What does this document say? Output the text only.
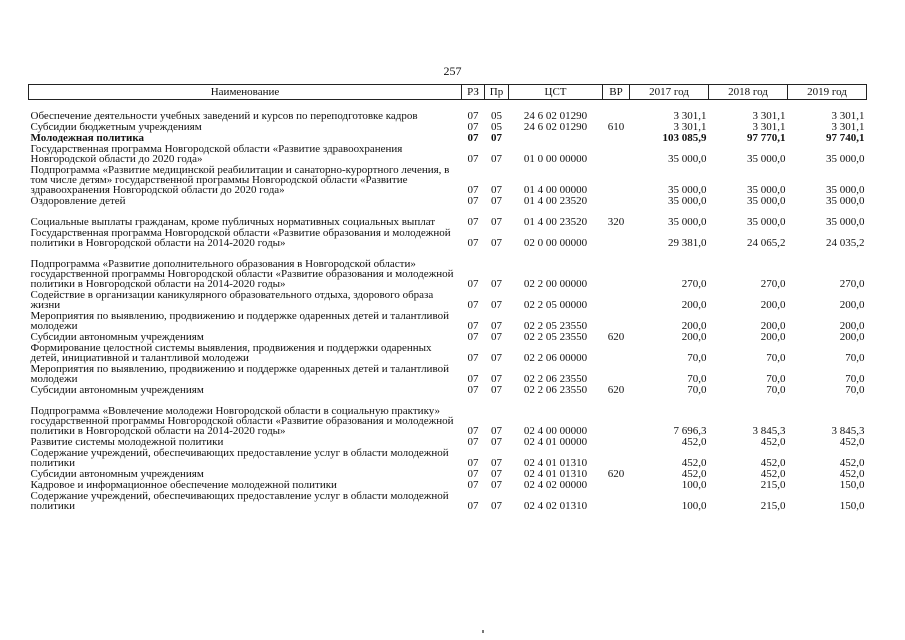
257
Наименование	РЗ	Пр	ЦСТ	ВР	2017 год	2018 год	2019 год
Обеспечение деятельности учебных заведений и курсов по переподготовке кадров	07	05	24 6 02 01290		3 301,1	3 301,1	3 301,1
Субсидии бюджетным учреждениям	07	05	24 6 02 01290	610	3 301,1	3 301,1	3 301,1
Молодежная политика	07	07			103 085,9	97 770,1	97 740,1
Государственная программа Новгородской области «Развитие здравоохранения Новгородской области до 2020 года»	07	07	01 0 00 00000		35 000,0	35 000,0	35 000,0
Подпрограмма «Развитие медицинской реабилитации и санаторно-курортного лечения, в том числе детям» государственной программы Новгородской области «Развитие здравоохранения Новгородской области до 2020 года»	07	07	01 4 00 00000		35 000,0	35 000,0	35 000,0
Оздоровление детей	07	07	01 4 00 23520		35 000,0	35 000,0	35 000,0
Социальные выплаты гражданам, кроме публичных нормативных социальных выплат	07	07	01 4 00 23520	320	35 000,0	35 000,0	35 000,0
Государственная программа Новгородской области «Развитие образования и молодежной политики в Новгородской области на 2014-2020 годы»	07	07	02 0 00 00000		29 381,0	24 065,2	24 035,2
Подпрограмма «Развитие дополнительного образования в Новгородской области» государственной программы Новгородской области «Развитие образования и молодежной политики в Новгородской области на 2014-2020 годы»	07	07	02 2 00 00000		270,0	270,0	270,0
Содействие в организации каникулярного образовательного отдыха, здорового образа жизни	07	07	02 2 05 00000		200,0	200,0	200,0
Мероприятия по выявлению, продвижению и поддержке одаренных детей и талантливой молодежи	07	07	02 2 05 23550		200,0	200,0	200,0
Субсидии автономным учреждениям	07	07	02 2 05 23550	620	200,0	200,0	200,0
Формирование целостной системы выявления, продвижения и поддержки одаренных детей, инициативной и талантливой молодежи	07	07	02 2 06 00000		70,0	70,0	70,0
Мероприятия по выявлению, продвижению и поддержке одаренных детей и талантливой молодежи	07	07	02 2 06 23550		70,0	70,0	70,0
Субсидии автономным учреждениям	07	07	02 2 06 23550	620	70,0	70,0	70,0
Подпрограмма «Вовлечение молодежи Новгородской области в социальную практику» государственной программы Новгородской области «Развитие образования и молодежной политики в Новгородской области на 2014-2020 годы»	07	07	02 4 00 00000		7 696,3	3 845,3	3 845,3
Развитие системы молодежной политики	07	07	02 4 01 00000		452,0	452,0	452,0
Содержание учреждений, обеспечивающих предоставление услуг в области молодежной политики	07	07	02 4 01 01310		452,0	452,0	452,0
Субсидии автономным учреждениям	07	07	02 4 01 01310	620	452,0	452,0	452,0
Кадровое и информационное обеспечение молодежной политики	07	07	02 4 02 00000		100,0	215,0	150,0
Содержание учреждений, обеспечивающих предоставление услуг в области молодежной политики	07	07	02 4 02 01310		100,0	215,0	150,0
